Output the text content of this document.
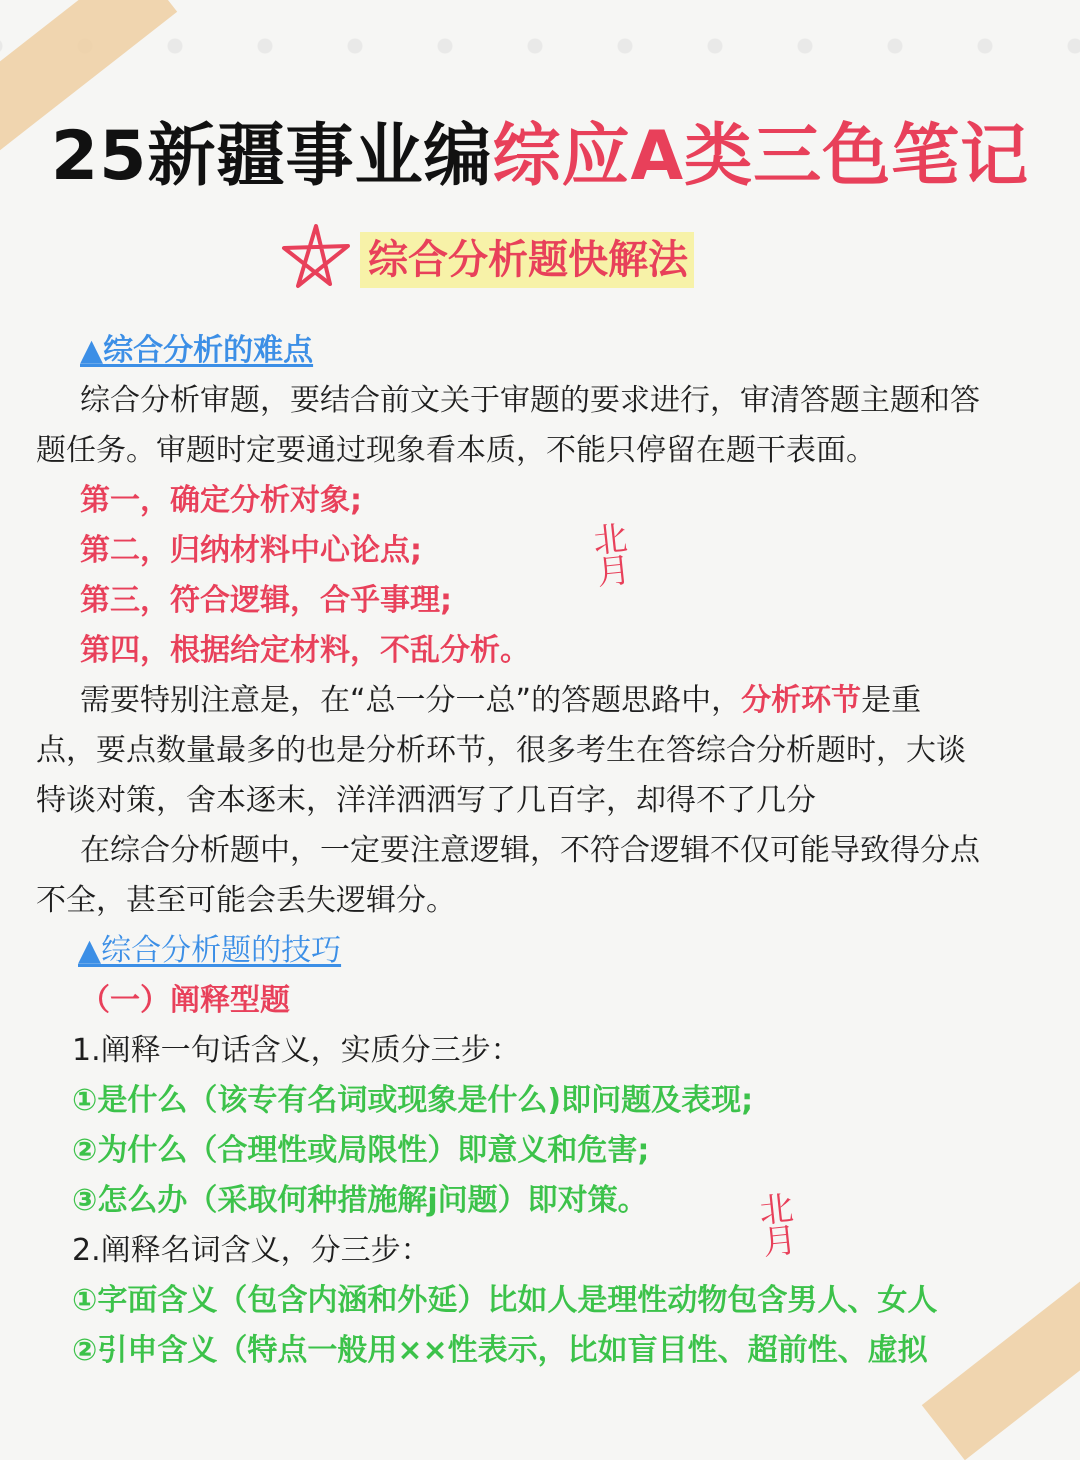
25新疆事业编综应A类三色笔记
综合分析题快解法
▲综合分析的难点
综合分析审题，要结合前文关于审题的要求进行，审清答题主题和答
题任务。审题时定要通过现象看本质，不能只停留在题干表面。
第一，确定分析对象;
第二，归纳材料中心论点;
第三，符合逻辑，合乎事理;
第四，根据给定材料，不乱分析。
需要特别注意是，在“总一分一总”的答题思路中，分析环节是重
点，要点数量最多的也是分析环节，很多考生在答综合分析题时，大谈
特谈对策，舍本逐末，洋洋洒洒写了几百字，却得不了几分
在综合分析题中，一定要注意逻辑，不符合逻辑不仅可能导致得分点
不全，甚至可能会丢失逻辑分。
▲综合分析题的技巧
（一）阐释型题
1.阐释一句话含义，实质分三步：
①是什么（该专有名词或现象是什么)即问题及表现;
②为什么（合理性或局限性）即意义和危害;
③怎么办（采取何种措施解j问题）即对策。
2.阐释名词含义，分三步：
①字面含义（包含内涵和外延）比如人是理性动物包含男人、女人
②引申含义（特点一般用××性表示，比如盲目性、超前性、虚拟
北
月
北
月
